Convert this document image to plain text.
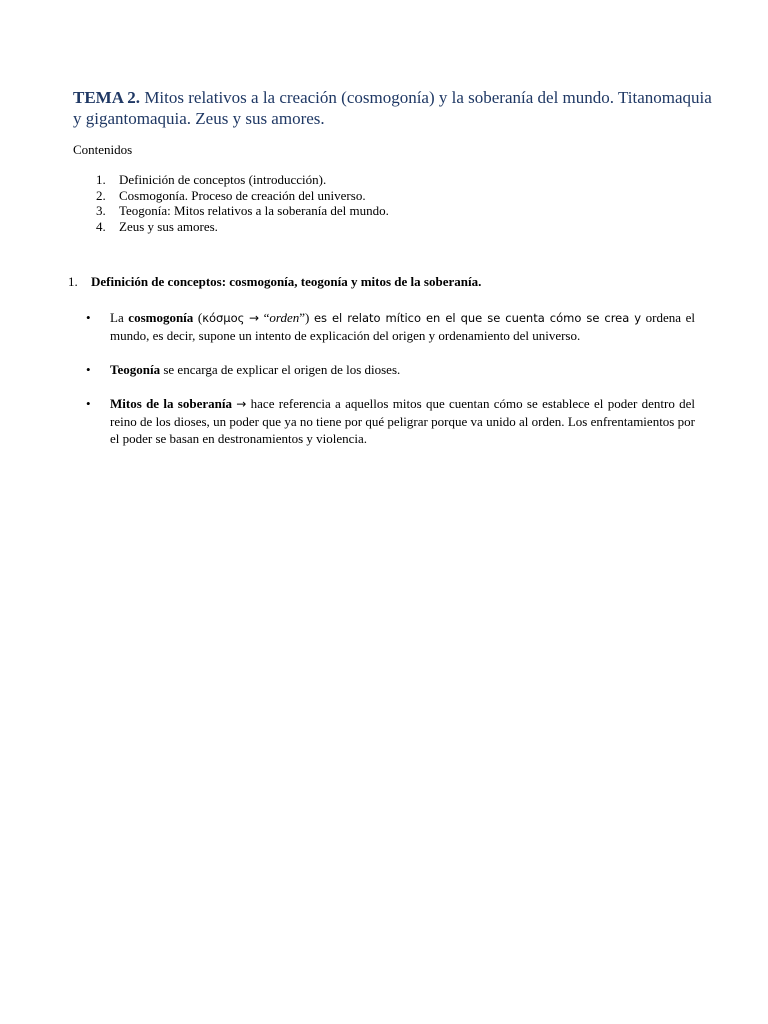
TEMA 2. Mitos relativos a la creación (cosmogonía) y la soberanía del mundo. Titanomaquia y gigantomaquia. Zeus y sus amores.
Contenidos
1.	Definición de conceptos (introducción).
2.	Cosmogonía. Proceso de creación del universo.
3.	Teogonía: Mitos relativos a la soberanía del mundo.
4.	Zeus y sus amores.
1.	Definición de conceptos: cosmogonía, teogonía y mitos de la soberanía.
•	La cosmogonía (κόσμος → “orden”) es el relato mítico en el que se cuenta cómo se crea y ordena el mundo, es decir, supone un intento de explicación del origen y ordenamiento del universo.
•	Teogonía se encarga de explicar el origen de los dioses.
•	Mitos de la soberanía → hace referencia a aquellos mitos que cuentan cómo se establece el poder dentro del reino de los dioses, un poder que ya no tiene por qué peligrar porque va unido al orden. Los enfrentamientos por el poder se basan en destronamientos y violencia.
